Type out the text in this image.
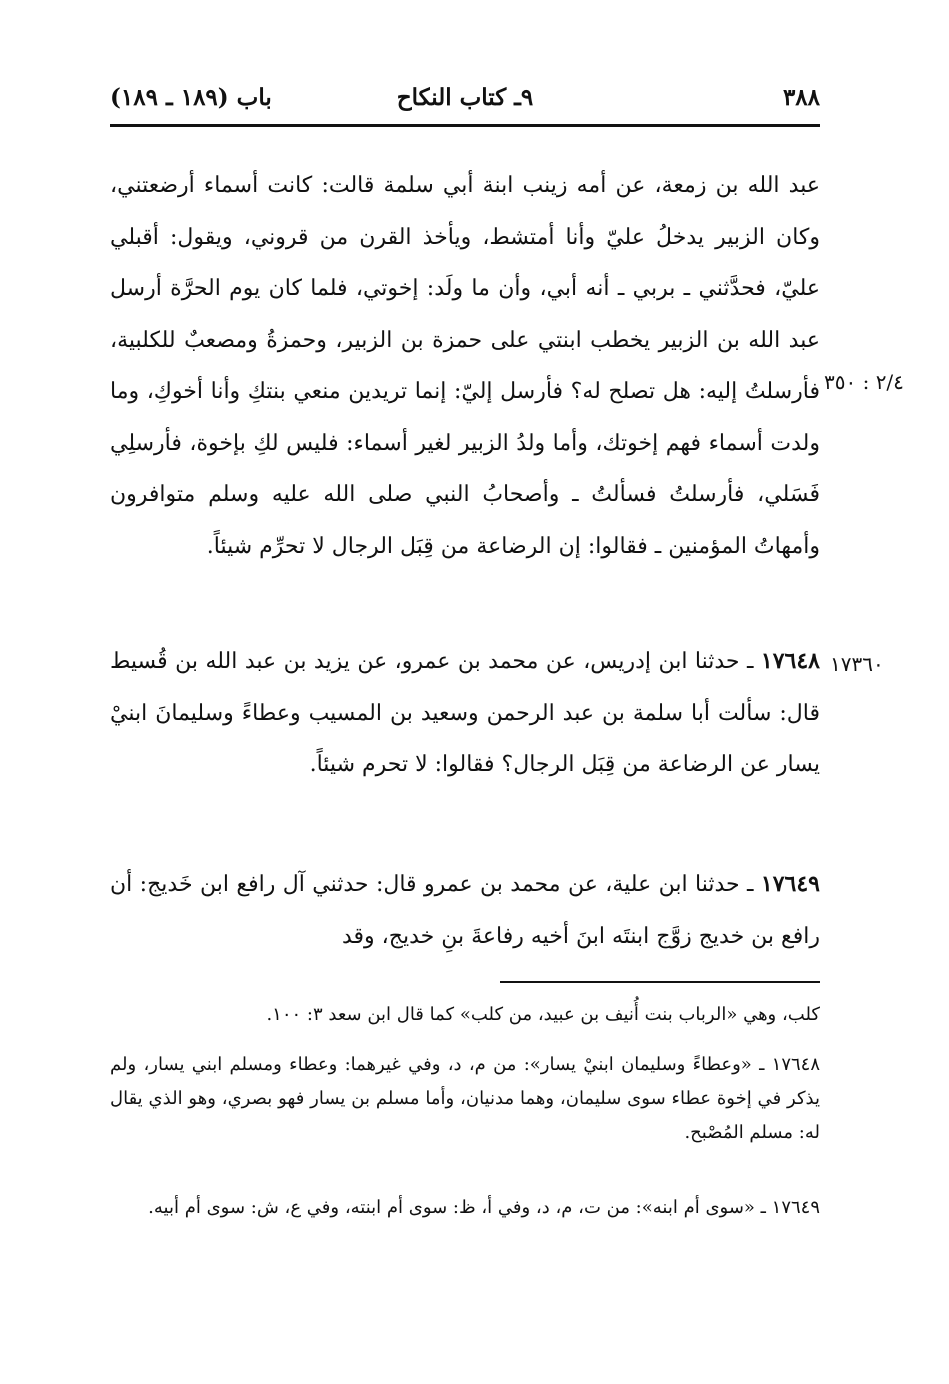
٣٨٨
٩ـ كتاب النكاح
باب (١٨٩ ـ ١٨٩)
٢/٤ : ٣٥٠
١٧٣٦٠
عبد الله بن زمعة، عن أمه زينب ابنة أبي سلمة قالت: كانت أسماء أرضعتني، وكان الزبير يدخلُ عليّ وأنا أمتشط، ويأخذ القرن من قروني، ويقول: أقبلي عليّ، فحدَّثني ـ بربي ـ أنه أبي، وأن ما ولَد: إخوتي، فلما كان يوم الحرَّة أرسل عبد الله بن الزبير يخطب ابنتي على حمزة بن الزبير، وحمزةُ ومصعبٌ للكلبية، فأرسلتُ إليه: هل تصلح له؟ فأرسل إليّ: إنما تريدين منعي بنتكِ وأنا أخوكِ، وما ولدت أسماء فهم إخوتك، وأما ولدُ الزبير لغير أسماء: فليس لكِ بإخوة، فأرسلِي فَسَلي، فأرسلتُ فسألتُ ـ وأصحابُ النبي صلى الله عليه وسلم متوافرون وأمهاتُ المؤمنين ـ فقالوا: إن الرضاعة من قِبَل الرجال لا تحرِّم شيئاً.
١٧٦٤٨ ـ حدثنا ابن إدريس، عن محمد بن عمرو، عن يزيد بن عبد الله بن قُسيط قال: سألت أبا سلمة بن عبد الرحمن وسعيد بن المسيب وعطاءً وسليمانَ ابنيْ يسار عن الرضاعة من قِبَل الرجال؟ فقالوا: لا تحرم شيئاً.
١٧٦٤٩ ـ حدثنا ابن علية، عن محمد بن عمرو قال: حدثني آل رافع ابن خَديج: أن رافع بن خديج زوَّج ابنتَه ابنَ أخيه رفاعةَ بنِ خديج، وقد
كلب، وهي «الرباب بنت أُنيف بن عبيد، من كلب» كما قال ابن سعد ٣: ١٠٠.
١٧٦٤٨ ـ «وعطاءً وسليمان ابنيْ يسار»: من م، د، وفي غيرهما: وعطاء ومسلم ابني يسار، ولم يذكر في إخوة عطاء سوى سليمان، وهما مدنيان، وأما مسلم بن يسار فهو بصري، وهو الذي يقال له: مسلم المُصْبح.
١٧٦٤٩ ـ «سوى أم ابنه»: من ت، م، د، وفي أ، ظ: سوى أم ابنته، وفي ع، ش: سوى أم أبيه.
